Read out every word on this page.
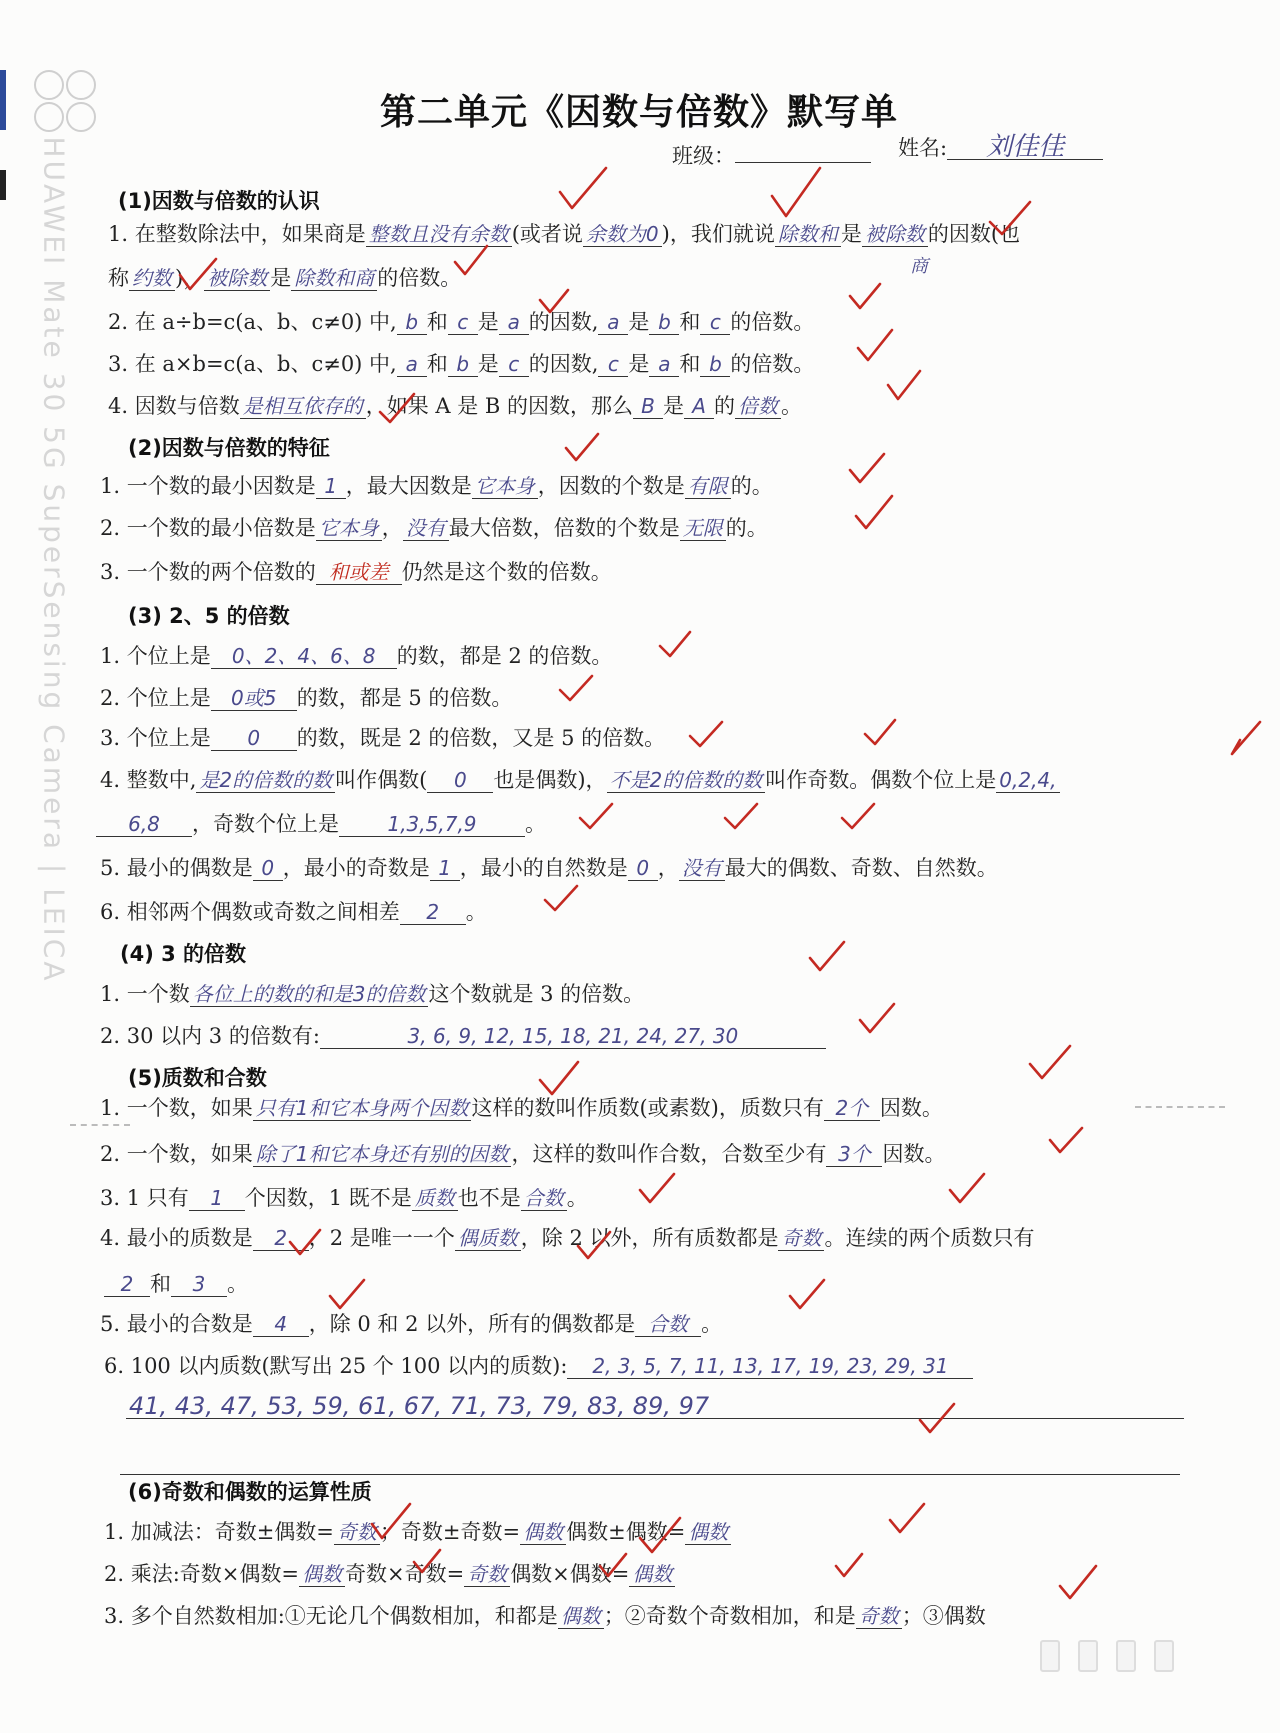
HUAWEI Mate 30 5G SuperSensing Camera | LEICA
第二单元《因数与倍数》默写单
班级：	姓名: 刘佳佳
(1)因数与倍数的认识
1. 在整数除法中，如果商是 整数且没有余数 (或者说 余数为0 )，我们就说 除数和 是 被除数 的因数(也
商
称 约数 )， 被除数 是 除数和商 的倍数。
2. 在 a÷b=c(a、b、c≠0) 中, b 和 c 是 a 的因数, a 是 b 和 c 的倍数。
3. 在 a×b=c(a、b、c≠0) 中, a 和 b 是 c 的因数, c 是 a 和 b 的倍数。
4. 因数与倍数 是相互依存的 ，如果 A 是 B 的因数，那么 B 是 A 的 倍数 。
(2)因数与倍数的特征
1. 一个数的最小因数是 1 ，最大因数是 它本身 ，因数的个数是 有限 的。
2. 一个数的最小倍数是 它本身 ， 没有 最大倍数，倍数的个数是 无限 的。
3. 一个数的两个倍数的 和或差 仍然是这个数的倍数。
(3) 2、5 的倍数
1. 个位上是 0、2、4、6、8 的数，都是 2 的倍数。
2. 个位上是 0或5 的数，都是 5 的倍数。
3. 个位上是 0 的数，既是 2 的倍数，又是 5 的倍数。
4. 整数中, 是2的倍数的数 叫作偶数( 0 也是偶数)， 不是2的倍数的数 叫作奇数。偶数个位上是 0,2,4,
6,8 ，奇数个位上是 1,3,5,7,9 。
5. 最小的偶数是 0 ，最小的奇数是 1 ，最小的自然数是 0 ， 没有 最大的偶数、奇数、自然数。
6. 相邻两个偶数或奇数之间相差 2 。
(4) 3 的倍数
1. 一个数 各位上的数的和是3的倍数 这个数就是 3 的倍数。
2. 30 以内 3 的倍数有:	3, 6, 9, 12, 15, 18, 21, 24, 27, 30
(5)质数和合数
1. 一个数，如果 只有1和它本身两个因数 这样的数叫作质数(或素数)，质数只有 2个 因数。
2. 一个数，如果 除了1和它本身还有别的因数 ，这样的数叫作合数，合数至少有 3个 因数。
3. 1 只有 1 个因数，1 既不是 质数 也不是 合数 。
4. 最小的质数是 2 ，2 是唯一一个 偶质数 ，除 2 以外，所有质数都是 奇数 。连续的两个质数只有
2 和 3 。
5. 最小的合数是 4 ，除 0 和 2 以外，所有的偶数都是 合数 。
6. 100 以内质数(默写出 25 个 100 以内的质数): 2, 3, 5, 7, 11, 13, 17, 19, 23, 29, 31
41, 43, 47, 53, 59, 61, 67, 71, 73, 79, 83, 89, 97
(6)奇数和偶数的运算性质
1. 加减法：奇数±偶数= 奇数 ；奇数±奇数= 偶数 偶数±偶数= 偶数
2. 乘法:奇数×偶数= 偶数 奇数×奇数= 奇数 偶数×偶数= 偶数
3. 多个自然数相加:①无论几个偶数相加，和都是 偶数 ；②奇数个奇数相加，和是 奇数 ；③偶数
